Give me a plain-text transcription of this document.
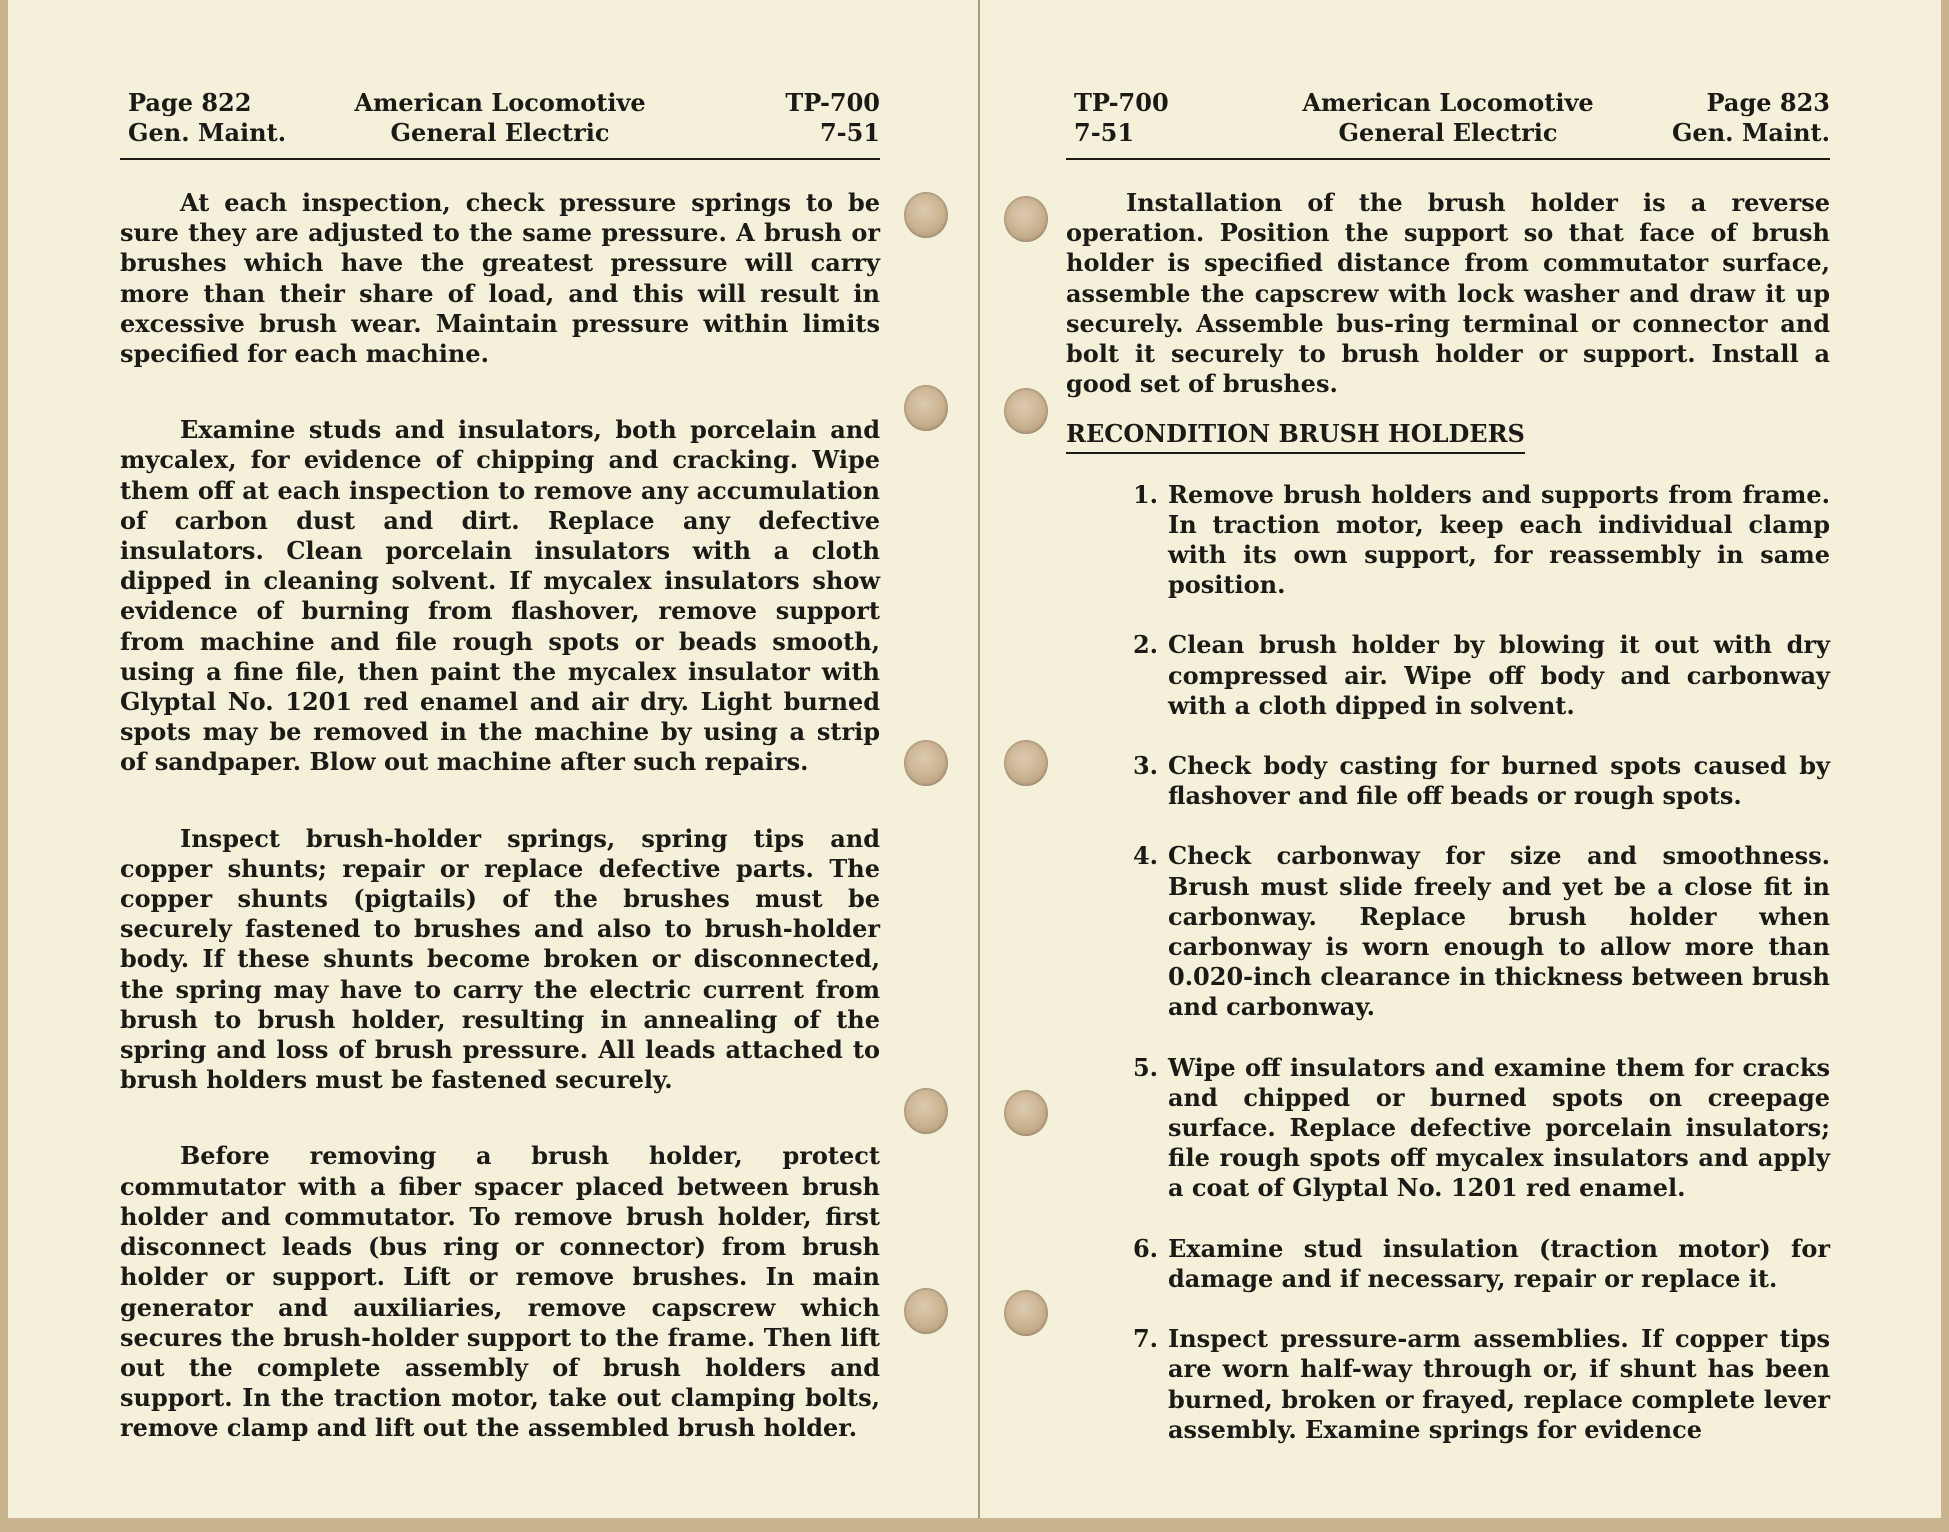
Page 822
Gen. Maint.
American Locomotive
General Electric
TP-700
7-51

At each inspection, check pressure springs to be sure they are adjusted to the same pressure. A brush or brushes which have the greatest pressure will carry more than their share of load, and this will result in excessive brush wear. Maintain pressure within limits specified for each machine.

Examine studs and insulators, both porcelain and mycalex, for evidence of chipping and cracking. Wipe them off at each inspection to remove any accumulation of carbon dust and dirt. Replace any defective insulators. Clean porcelain insulators with a cloth dipped in cleaning solvent. If mycalex insulators show evidence of burning from flashover, remove support from machine and file rough spots or beads smooth, using a fine file, then paint the mycalex insulator with Glyptal No. 1201 red enamel and air dry. Light burned spots may be removed in the machine by using a strip of sandpaper. Blow out machine after such repairs.

Inspect brush-holder springs, spring tips and copper shunts; repair or replace defective parts. The copper shunts (pigtails) of the brushes must be securely fastened to brushes and also to brush-holder body. If these shunts become broken or disconnected, the spring may have to carry the electric current from brush to brush holder, resulting in annealing of the spring and loss of brush pressure. All leads attached to brush holders must be fastened securely.

Before removing a brush holder, protect commutator with a fiber spacer placed between brush holder and commutator. To remove brush holder, first disconnect leads (bus ring or connector) from brush holder or support. Lift or remove brushes. In main generator and auxiliaries, remove capscrew which secures the brush-holder support to the frame. Then lift out the complete assembly of brush holders and support. In the traction motor, take out clamping bolts, remove clamp and lift out the assembled brush holder.

TP-700
7-51
American Locomotive
General Electric
Page 823
Gen. Maint.

Installation of the brush holder is a reverse operation. Position the support so that face of brush holder is specified distance from commutator surface, assemble the capscrew with lock washer and draw it up securely. Assemble bus-ring terminal or connector and bolt it securely to brush holder or support. Install a good set of brushes.

RECONDITION BRUSH HOLDERS
1. Remove brush holders and supports from frame. In traction motor, keep each individual clamp with its own support, for reassembly in same position.
2. Clean brush holder by blowing it out with dry compressed air. Wipe off body and carbonway with a cloth dipped in solvent.
3. Check body casting for burned spots caused by flashover and file off beads or rough spots.
4. Check carbonway for size and smoothness. Brush must slide freely and yet be a close fit in carbonway. Replace brush holder when carbonway is worn enough to allow more than 0.020-inch clearance in thickness between brush and carbonway.
5. Wipe off insulators and examine them for cracks and chipped or burned spots on creepage surface. Replace defective porcelain insulators; file rough spots off mycalex insulators and apply a coat of Glyptal No. 1201 red enamel.
6. Examine stud insulation (traction motor) for damage and if necessary, repair or replace it.
7. Inspect pressure-arm assemblies. If copper tips are worn half-way through or, if shunt has been burned, broken or frayed, replace complete lever assembly. Examine springs for evidence
